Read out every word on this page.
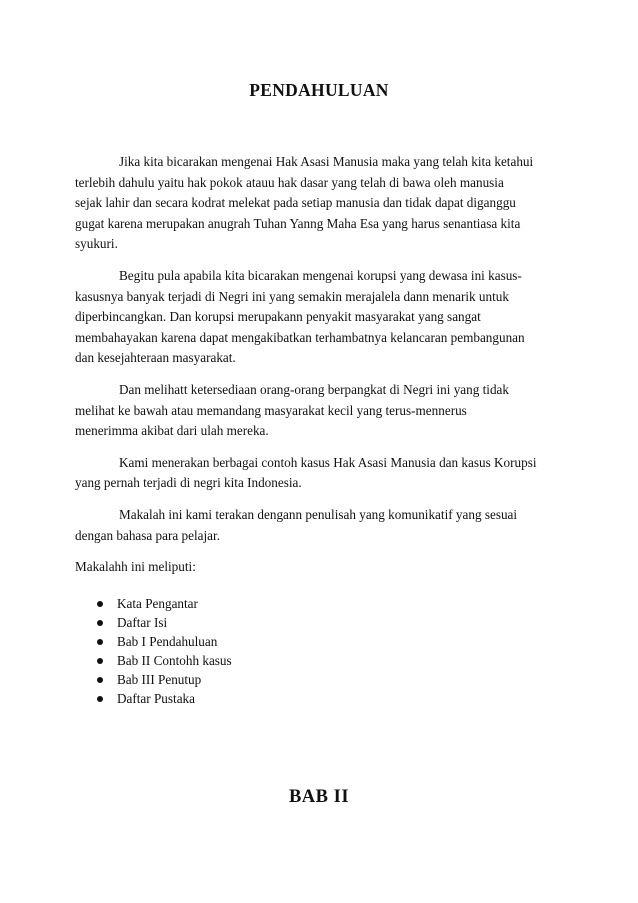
PENDAHULUAN

Jika kita bicarakan mengenai Hak Asasi Manusia maka yang telah kita ketahui
terlebih dahulu yaitu hak pokok atauu hak dasar yang telah di bawa oleh manusia
sejak lahir dan secara kodrat melekat pada setiap manusia dan tidak dapat diganggu
gugat karena merupakan anugrah Tuhan Yanng Maha Esa yang harus senantiasa kita
syukuri.

Begitu pula apabila kita bicarakan mengenai korupsi yang dewasa ini kasus-
kasusnya banyak terjadi di Negri ini yang semakin merajalela dann menarik untuk
diperbincangkan. Dan korupsi merupakann penyakit masyarakat yang sangat
membahayakan karena dapat mengakibatkan terhambatnya kelancaran pembangunan
dan kesejahteraan masyarakat.

Dan melihatt ketersediaan orang-orang berpangkat di Negri ini yang tidak
melihat ke bawah atau memandang masyarakat kecil yang terus-mennerus
menerimma akibat dari ulah mereka.

Kami menerakan berbagai contoh kasus Hak Asasi Manusia dan kasus Korupsi
yang pernah terjadi di negri kita Indonesia.

Makalah ini kami terakan dengann penulisah yang komunikatif yang sesuai
dengan bahasa para pelajar.

Makalahh ini meliputi:

Kata Pengantar
Daftar Isi
Bab I Pendahuluan
Bab II Contohh kasus
Bab III Penutup
Daftar Pustaka
BAB II
